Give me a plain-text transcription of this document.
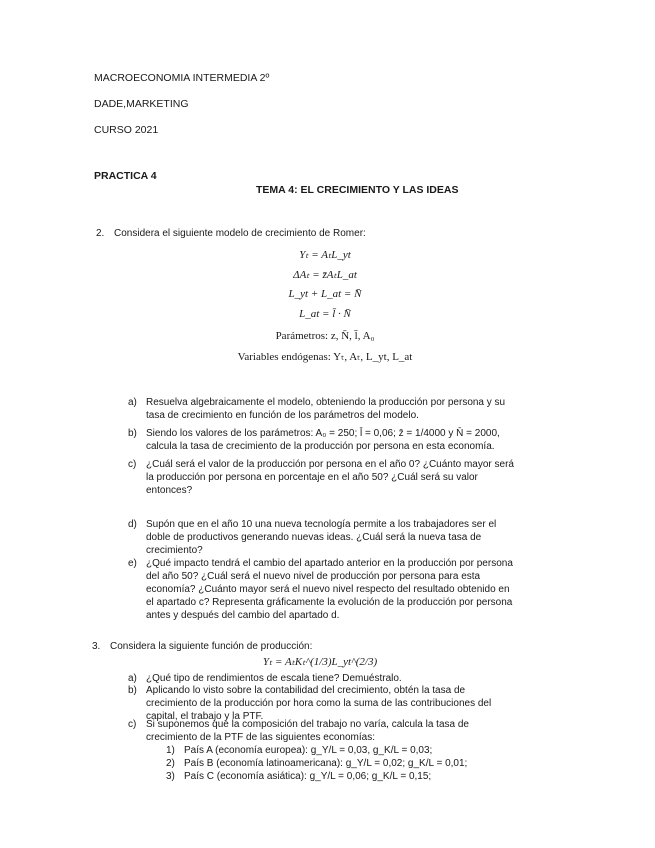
MACROECONOMIA INTERMEDIA 2º
DADE,MARKETING
CURSO 2021
PRACTICA 4
TEMA 4: EL CRECIMIENTO Y LAS IDEAS
2. Considera el siguiente modelo de crecimiento de Romer:
Yₜ = AₜL_yt
ΔAₜ = z̄AₜL_at
L_yt + L_at = N̄
L_at = l̄ · N̄
Parámetros: z, N̄, l̄, A₀
Variables endógenas: Yₜ, Aₜ, L_yt, L_at
a) Resuelva algebraicamente el modelo, obteniendo la producción por persona y su tasa de crecimiento en función de los parámetros del modelo.
b) Siendo los valores de los parámetros: A₀ = 250; l̄ = 0,06; z̄ = 1/4000 y N̄ = 2000, calcula la tasa de crecimiento de la producción por persona en esta economía.
c) ¿Cuál será el valor de la producción por persona en el año 0? ¿Cuánto mayor será la producción por persona en porcentaje en el año 50? ¿Cuál será su valor entonces?
d) Supón que en el año 10 una nueva tecnología permite a los trabajadores ser el doble de productivos generando nuevas ideas. ¿Cuál será la nueva tasa de crecimiento?
e) ¿Qué impacto tendrá el cambio del apartado anterior en la producción por persona del año 50? ¿Cuál será el nuevo nivel de producción por persona para esta economía? ¿Cuánto mayor será el nuevo nivel respecto del resultado obtenido en el apartado c? Representa gráficamente la evolución de la producción por persona antes y después del cambio del apartado d.
3. Considera la siguiente función de producción:
Yₜ = AₜKₜ^(1/3)L_yt^(2/3)
a) ¿Qué tipo de rendimientos de escala tiene? Demuéstralo.
b) Aplicando lo visto sobre la contabilidad del crecimiento, obtén la tasa de crecimiento de la producción por hora como la suma de las contribuciones del capital, el trabajo y la PTF.
c) Si suponemos que la composición del trabajo no varía, calcula la tasa de crecimiento de la PTF de las siguientes economías:
1) País A (economía europea): g_Y/L = 0,03, g_K/L = 0,03;
2) País B (economía latinoamericana): g_Y/L = 0,02; g_K/L = 0,01;
3) País C (economía asiática): g_Y/L = 0,06; g_K/L = 0,15;
